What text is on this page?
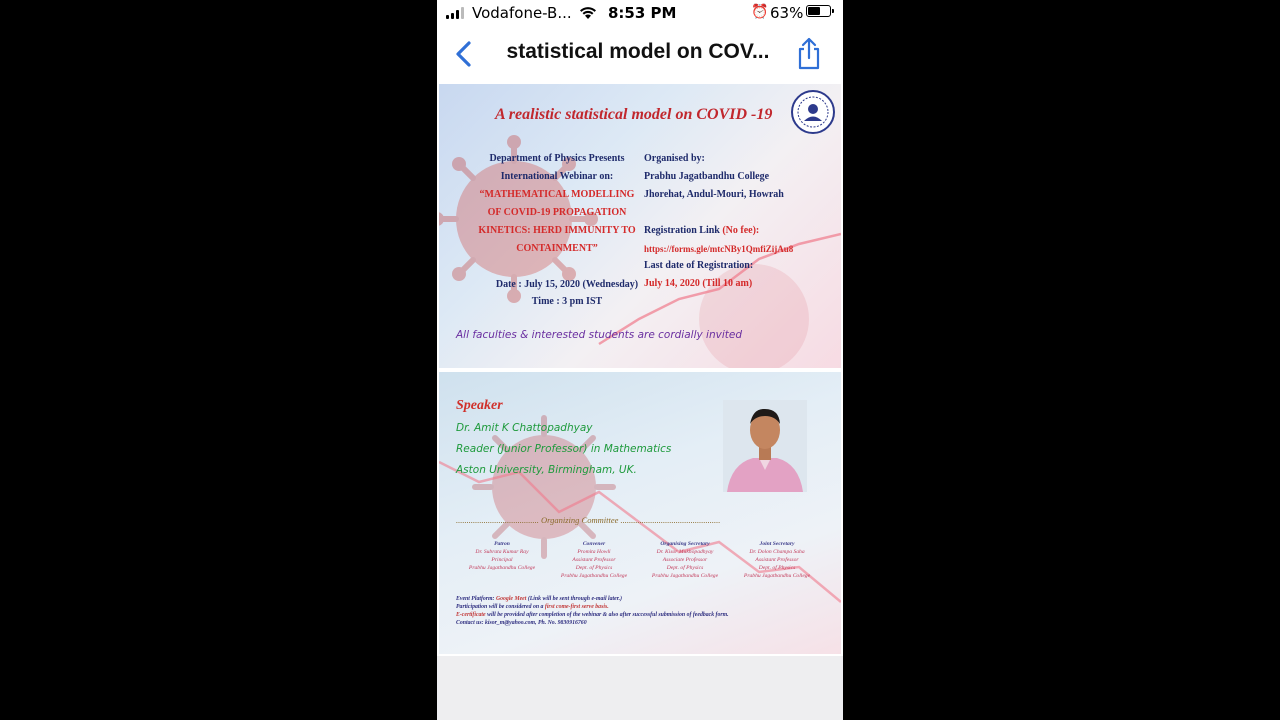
Vodafone-B... 8:53 PM	⏰ 63%
statistical model on COV...
A realistic statistical model on COVID -19
Department of Physics Presents
International Webinar on:
“MATHEMATICAL MODELLING
OF COVID-19 PROPAGATION
KINETICS: HERD IMMUNITY TO
CONTAINMENT”
Date : July 15, 2020 (Wednesday)
Time : 3 pm IST
Organised by:
Prabhu Jagatbandhu College
Jhorehat, Andul-Mouri, Howrah
Registration Link (No fee):
https://forms.gle/mtcNBy1QmfiZijAu8
Last date of Registration:
July 14, 2020 (Till 10 am)
All faculties & interested students are cordially invited
Speaker
Dr. Amit K Chattopadhyay
Reader (Junior Professor) in Mathematics
Aston University, Birmingham, UK.
....................................... Organizing Committee ...............................................
Patron
Dr. Subrata Kumar Ray
Principal
Prabhu Jagatbandhu College
Convener
Promita Howli
Assistant Professor
Dept. of Physics
Prabhu Jagatbandhu College
Organising Secretary
Dr. Kisor Mukhopadhyay
Associate Professor
Dept. of Physics
Prabhu Jagatbandhu College
Joint Secretary
Dr. Dolon Champa Saha
Assistant Professor
Dept. of Physics
Prabhu Jagatbandhu College
Event Platform: Google Meet (Link will be sent through e-mail later.)
Participation will be considered on a first come-first serve basis.
E-certificate will be provided after completion of the webinar & also after successful submission of feedback form.
Contact us: kisor_m@yahoo.com, Ph. No. 9830916760
